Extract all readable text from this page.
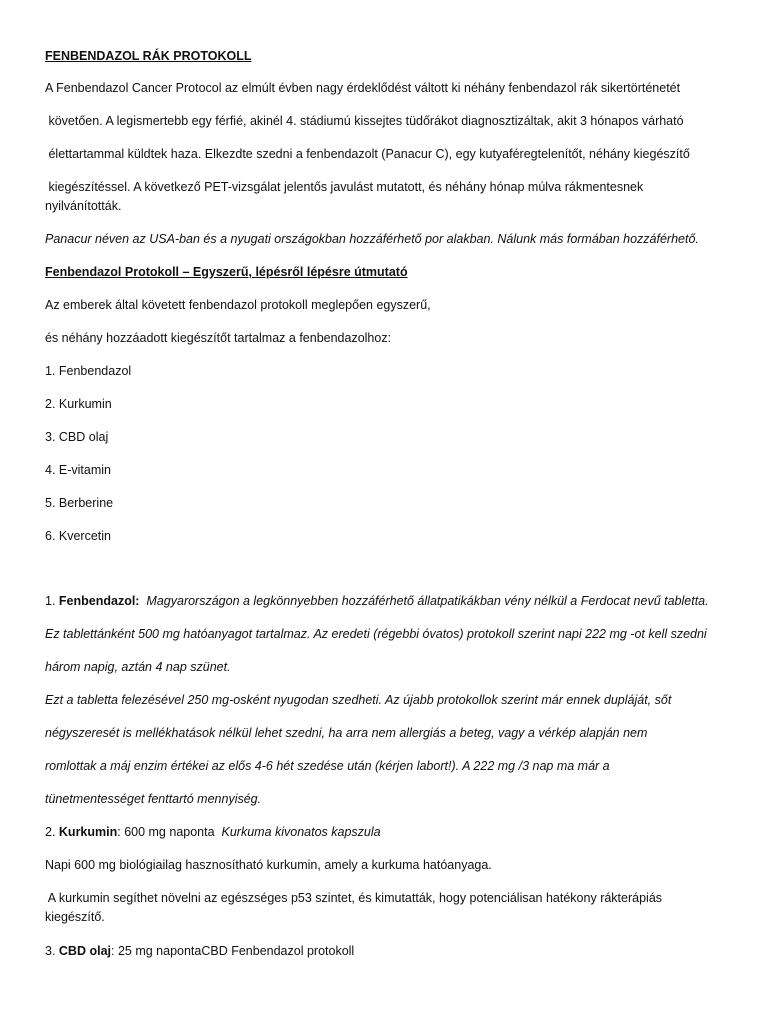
FENBENDAZOL RÁK PROTOKOLL
A Fenbendazol Cancer Protocol az elmúlt évben nagy érdeklődést váltott ki néhány fenbendazol rák sikertörténetét
követően. A legismertebb egy férfié, akinél 4. stádiumú kissejtes tüdőrákot diagnosztizáltak, akit 3 hónapos várható
élettartammal küldtek haza. Elkezdte szedni a fenbendazolt (Panacur C), egy kutyaféregtelenítőt, néhány kiegészítő
kiegészítéssel. A következő PET-vizsgálat jelentős javulást mutatott, és néhány hónap múlva rákmentesnek
nyilvánították.
Panacur néven az USA-ban és a nyugati országokban hozzáférhető por alakban. Nálunk más formában hozzáférhető.
Fenbendazol Protokoll – Egyszerű, lépésről lépésre útmutató
Az emberek által követett fenbendazol protokoll meglepően egyszerű,
és néhány hozzáadott kiegészítőt tartalmaz a fenbendazolhoz:
1. Fenbendazol
2. Kurkumin
3. CBD olaj
4. E-vitamin
5. Berberine
6. Kvercetin
1. Fenbendazol: Magyarországon a legkönnyebben hozzáférhető állatpatikákban vény nélkül a Ferdocat nevű tabletta.
Ez tablettánként 500 mg hatóanyagot tartalmaz. Az eredeti (régebbi óvatos) protokoll szerint napi 222 mg -ot kell szedni
három napig, aztán 4 nap szünet.
Ezt a tabletta felezésével 250 mg-osként nyugodan szedheti. Az újabb protokollok szerint már ennek dupláját, sőt
négyszeresét is mellékhatások nélkül lehet szedni, ha arra nem allergiás a beteg, vagy a vérkép alapján nem
romlottak a máj enzim értékei az elős 4-6 hét szedése után (kérjen labort!). A 222 mg /3 nap ma már a
tünetmentességet fenttartó mennyiség.
2. Kurkumin: 600 mg naponta  Kurkuma kivonatos kapszula
Napi 600 mg biológiailag hasznosítható kurkumin, amely a kurkuma hatóanyaga.
A kurkumin segíthet növelni az egészséges p53 szintet, és kimutatták, hogy potenciálisan hatékony rákterápiás
kiegészítő.
3. CBD olaj: 25 mg napontaCBD Fenbendazol protokoll
